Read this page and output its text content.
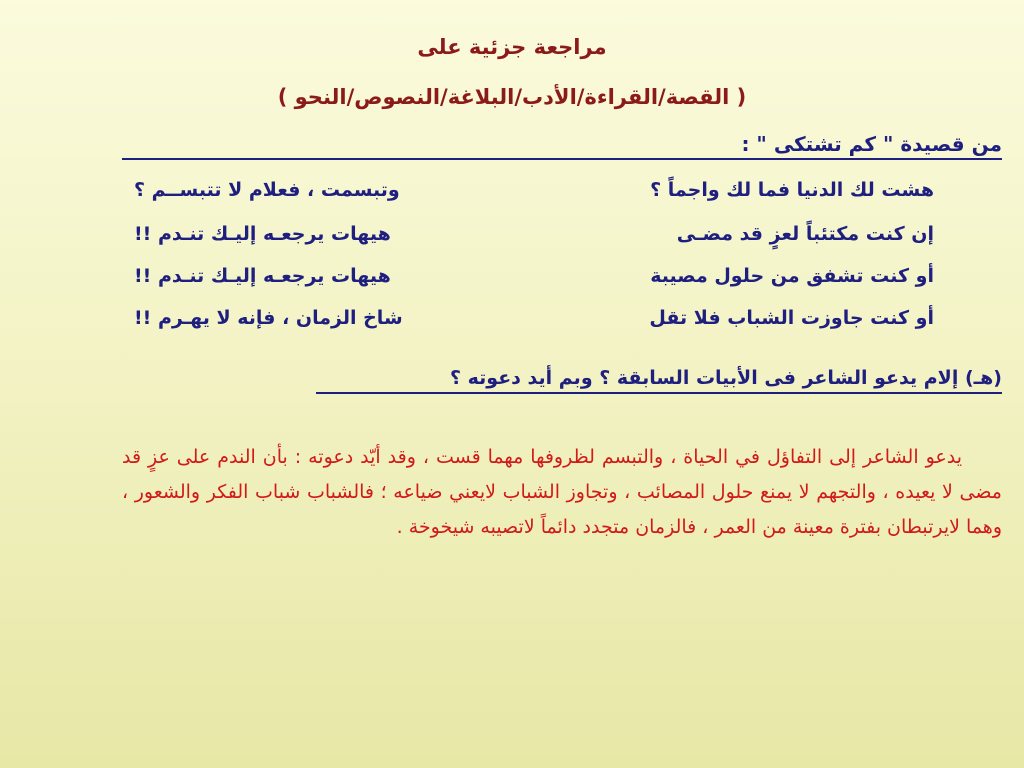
مراجعة جزئية على
( القصة/القراءة/الأدب/البلاغة/النصوص/النحو )
من قصيدة " كم تشتكى " :
هشت لك الدنيا فما لك واجماً ؟
وتبسمت ، فعلام لا تتبســم ؟
إن كنت مكتئباً لعزٍ قد مضـى
هيهات يرجعـه إليـك تنـدم !!
أو كنت تشفق من حلول مصيبة
هيهات يرجعـه إليـك تنـدم !!
أو كنت جاوزت الشباب فلا تقل
شاخ الزمان ، فإنه لا يهـرم !!
(هـ) إلام يدعو الشاعر فى الأبيات السابقة ؟ وبم أيد دعوته ؟
يدعو الشاعر إلى التفاؤل في الحياة ، والتبسم لظروفها مهما قست ، وقد أيّد دعوته : بأن الندم على عزٍ قد مضى لا يعيده ، والتجهم لا يمنع حلول المصائب ، وتجاوز الشباب لايعني ضياعه ؛ فالشباب شباب الفكر والشعور ، وهما لايرتبطان بفترة معينة من العمر ، فالزمان متجدد دائماً لاتصيبه شيخوخة .
